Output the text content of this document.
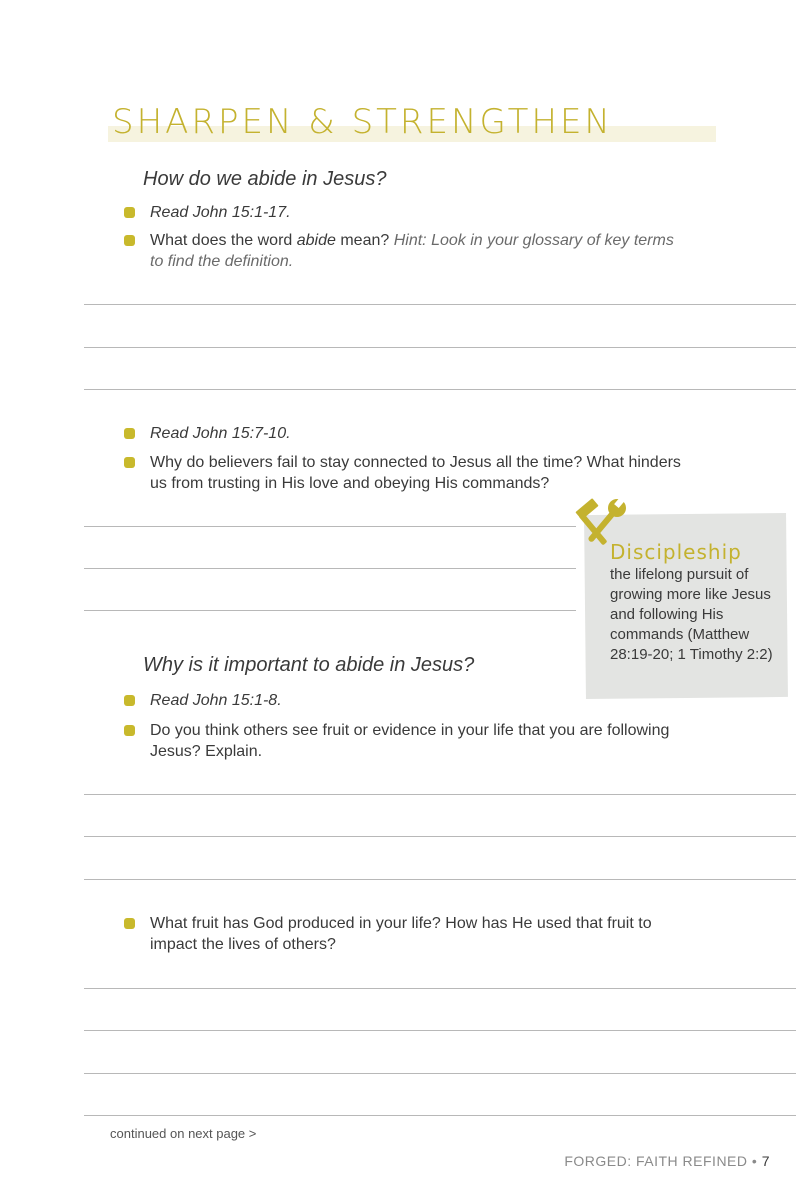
SHARPEN & STRENGTHEN

How do we abide in Jesus?

Read John 15:1-17.
What does the word abide mean? Hint: Look in your glossary of key terms to find the definition.
Read John 15:7-10.
Why do believers fail to stay connected to Jesus all the time? What hinders us from trusting in His love and obeying His commands?

Discipleship

the lifelong pursuit of growing more like Jesus and following His commands (Matthew 28:19-20; 1 Timothy 2:2)

Why is it important to abide in Jesus?

Read John 15:1-8.
Do you think others see fruit or evidence in your life that you are following Jesus? Explain.
What fruit has God produced in your life? How has He used that fruit to impact the lives of others?
continued on next page >
FORGED: FAITH REFINED • 7
